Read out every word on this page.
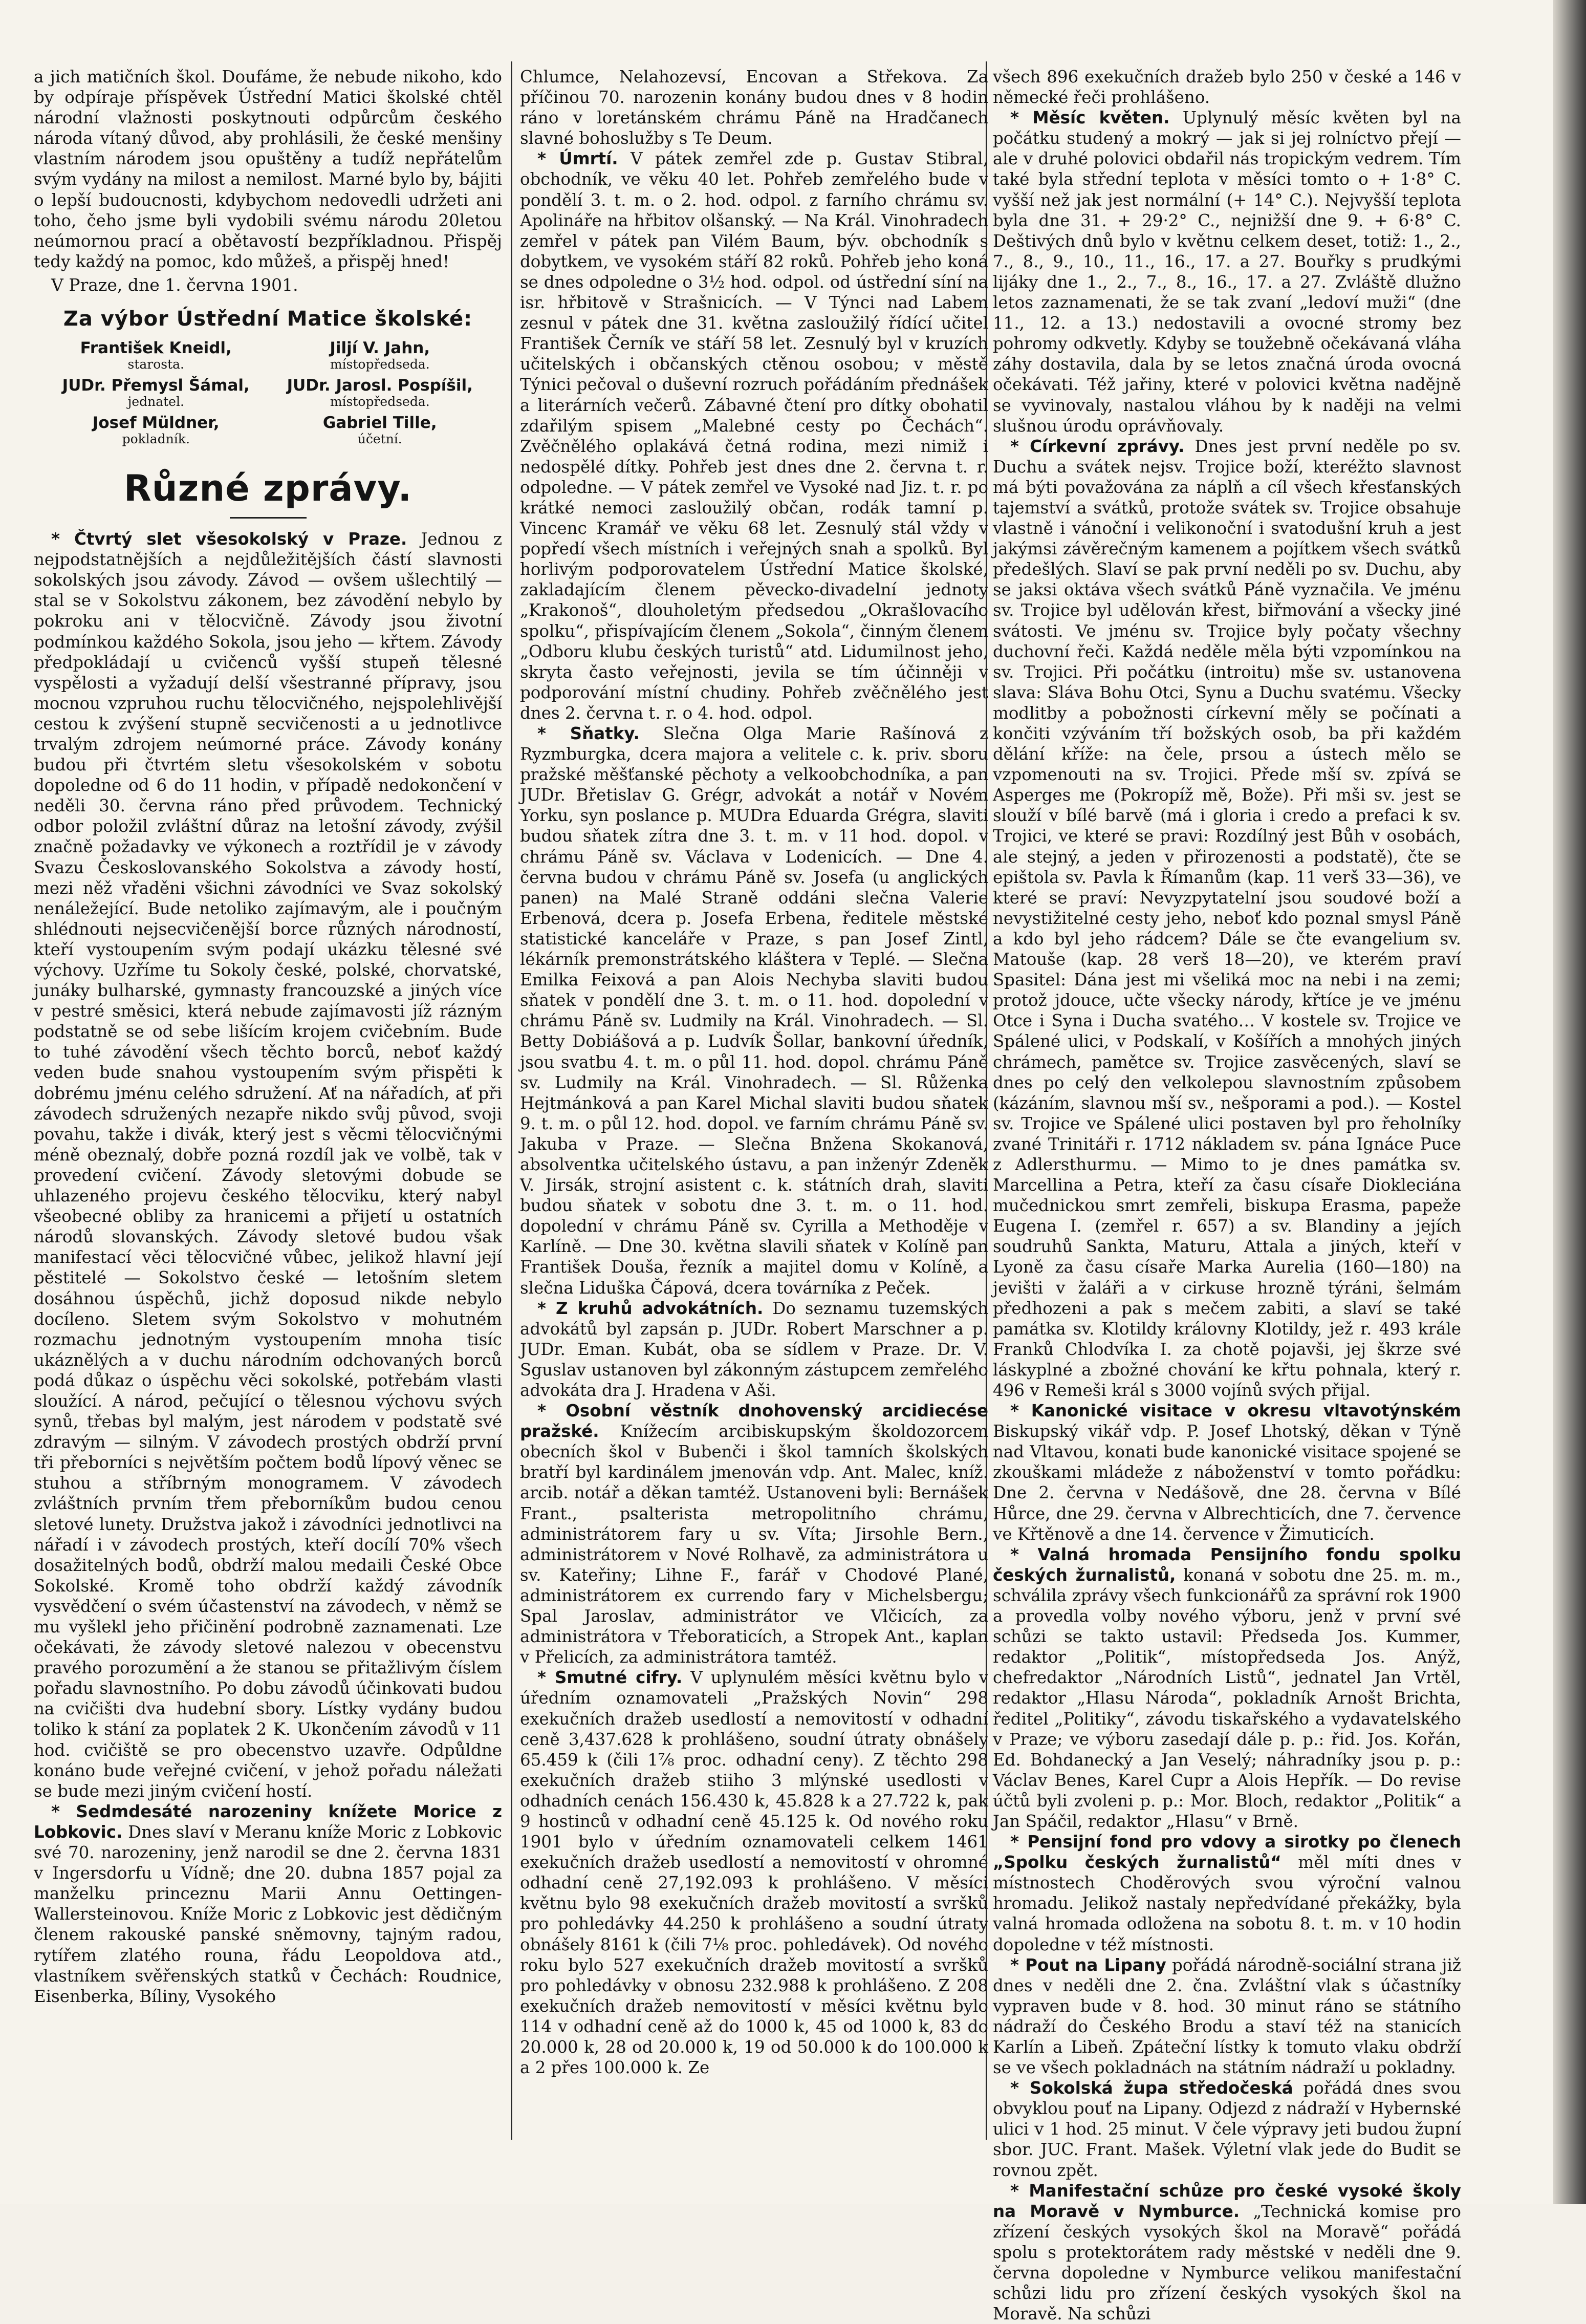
a jich matičních škol. Doufáme, že nebude nikoho, kdo by odpíraje příspěvek Ústřední Matici školské chtěl národní vlažnosti poskytnouti odpůrcům českého národa vítaný důvod, aby prohlásili, že české menšiny vlastním národem jsou opuštěny a tudíž nepřátelům svým vydány na milost a nemilost. Marné bylo by, bájiti o lepší budoucnosti, kdybychom nedovedli udržeti ani toho, čeho jsme byli vydobili svému národu 20letou neúmornou prací a obětavostí bezpříkladnou. Přispěj tedy každý na pomoc, kdo můžeš, a přispěj hned!

V Praze, dne 1. června 1901.

Za výbor Ústřední Matice školské:
František Kneidl,
starosta.
Jiljí V. Jahn,
místopředseda.
JUDr. Přemysl Šámal,
jednatel.
JUDr. Jarosl. Pospíšil,
místopředseda.
Josef Müldner,
pokladník.
Gabriel Tille,
účetní.
Různé zprávy.

* Čtvrtý slet všesokolský v Praze. Jednou z nejpodstatnějších a nejdůležitějších částí slavnosti sokolských jsou závody. Závod — ovšem ušlechtilý — stal se v Sokolstvu zákonem, bez závodění nebylo by pokroku ani v tělocvičně. Závody jsou životní podmínkou každého Sokola, jsou jeho — křtem. Závody předpokládají u cvičenců vyšší stupeň tělesné vyspělosti a vyžadují delší všestranné přípravy, jsou mocnou vzpruhou ruchu tělocvičného, nejspolehlivější cestou k zvýšení stupně secvičenosti a u jednotlivce trvalým zdrojem neúmorné práce. Závody konány budou při čtvrtém sletu všesokolském v sobotu dopoledne od 6 do 11 hodin, v případě nedokončení v neděli 30. června ráno před průvodem. Technický odbor položil zvláštní důraz na letošní závody, zvýšil značně požadavky ve výkonech a roztřídil je v závody Svazu Českoslovanského Sokolstva a závody hostí, mezi něž vřaděni všichni závodníci ve Svaz sokolský nenáležející. Bude netoliko zajímavým, ale i poučným shlédnouti nejsecvičenější borce různých národností, kteří vystoupením svým podají ukázku tělesné své výchovy. Uzříme tu Sokoly české, polské, chorvatské, junáky bulharské, gymnasty francouzské a jiných více v pestré směsici, která nebude zajímavosti jíž rázným podstatně se od sebe lišícím krojem cvičebním. Bude to tuhé závodění všech těchto borců, neboť každý veden bude snahou vystoupením svým přispěti k dobrému jménu celého sdružení. Ať na nářadích, ať při závodech sdružených nezapře nikdo svůj původ, svoji povahu, takže i divák, který jest s věcmi tělocvičnými méně obeznalý, dobře pozná rozdíl jak ve volbě, tak v provedení cvičení. Závody sletovými dobude se uhlazeného projevu českého tělocviku, který nabyl všeobecné obliby za hranicemi a přijetí u ostatních národů slovanských. Závody sletové budou však manifestací věci tělocvičné vůbec, jelikož hlavní její pěstitelé — Sokolstvo české — letošním sletem dosáhnou úspěchů, jichž doposud nikde nebylo docíleno. Sletem svým Sokolstvo v mohutném rozmachu jednotným vystoupením mnoha tisíc ukáznělých a v duchu národním odchovaných borců podá důkaz o úspěchu věci sokolské, potřebám vlasti sloužící. A národ, pečující o tělesnou výchovu svých synů, třebas byl malým, jest národem v podstatě své zdravým — silným. V závodech prostých obdrží první tři přeborníci s největším počtem bodů lípový věnec se stuhou a stříbrným monogramem. V závodech zvláštních prvním třem přeborníkům budou cenou sletové lunety. Družstva jakož i závodníci jednotlivci na nářadí i v závodech prostých, kteří docílí 70% všech dosažitelných bodů, obdrží malou medaili České Obce Sokolské. Kromě toho obdrží každý závodník vysvědčení o svém účastenství na závodech, v němž se mu vyšlekl jeho přičinění podrobně zaznamenati. Lze očekávati, že závody sletové nalezou v obecenstvu pravého porozumění a že stanou se přitažlivým číslem pořadu slavnostního. Po dobu závodů účinkovati budou na cvičišti dva hudební sbory. Lístky vydány budou toliko k stání za poplatek 2 K. Ukončením závodů v 11 hod. cvičiště se pro obecenstvo uzavře. Odpůldne konáno bude veřejné cvičení, v jehož pořadu náležati se bude mezi jiným cvičení hostí.

* Sedmdesáté narozeniny knížete Morice z Lobkovic. Dnes slaví v Meranu kníže Moric z Lobkovic své 70. narozeniny, jenž narodil se dne 2. června 1831 v Ingersdorfu u Vídně; dne 20. dubna 1857 pojal za manželku princeznu Marii Annu Oettingen-Wallersteinovou. Kníže Moric z Lobkovic jest dědičným členem rakouské panské sněmovny, tajným radou, rytířem zlatého rouna, řádu Leopoldova atd., vlastníkem svěřenských statků v Čechách: Roudnice, Eisenberka, Bíliny, Vysokého

Chlumce, Nelahozevsí, Encovan a Střekova. Za příčinou 70. narozenin konány budou dnes v 8 hodin ráno v loretánském chrámu Páně na Hradčanech slavné bohoslužby s Te Deum.

* Úmrtí. V pátek zemřel zde p. Gustav Stibral, obchodník, ve věku 40 let. Pohřeb zemřelého bude v pondělí 3. t. m. o 2. hod. odpol. z farního chrámu sv. Apolináře na hřbitov olšanský. — Na Král. Vinohradech zemřel v pátek pan Vilém Baum, býv. obchodník s dobytkem, ve vysokém stáří 82 roků. Pohřeb jeho koná se dnes odpoledne o 3½ hod. odpol. od ústřední síní na isr. hřbitově v Strašnicích. — V Týnci nad Labem zesnul v pátek dne 31. května zasloužilý řídící učitel František Černík ve stáří 58 let. Zesnulý byl v kruzích učitelských i občanských ctěnou osobou; v městě Týnici pečoval o duševní rozruch pořádáním přednášek a literárních večerů. Zábavné čtení pro dítky obohatil zdařilým spisem „Malebné cesty po Čechách“. Zvěčnělého oplakává četná rodina, mezi nimiž i nedospělé dítky. Pohřeb jest dnes dne 2. června t. r. odpoledne. — V pátek zemřel ve Vysoké nad Jiz. t. r. po krátké nemoci zasloužilý občan, rodák tamní p. Vincenc Kramář ve věku 68 let. Zesnulý stál vždy v popředí všech místních i veřejných snah a spolků. Byl horlivým podporovatelem Ústřední Matice školské, zakladajícím členem pěvecko-divadelní jednoty „Krakonoš“, dlouholetým předsedou „Okrašlovacího spolku“, přispívajícím členem „Sokola“, činným členem „Odboru klubu českých turistů“ atd. Lidumilnost jeho, skryta často veřejnosti, jevila se tím účinněji v podporování místní chudiny. Pohřeb zvěčnělého jest dnes 2. června t. r. o 4. hod. odpol.

* Sňatky. Slečna Olga Marie Rašínová z Ryzmburgka, dcera majora a velitele c. k. priv. sboru pražské měšťanské pěchoty a velkoobchodníka, a pan JUDr. Břetislav G. Grégr, advokát a notář v Novém Yorku, syn poslance p. MUDra Eduarda Grégra, slaviti budou sňatek zítra dne 3. t. m. v 11 hod. dopol. v chrámu Páně sv. Václava v Lodenicích. — Dne 4. června budou v chrámu Páně sv. Josefa (u anglických panen) na Malé Straně oddáni slečna Valerie Erbenová, dcera p. Josefa Erbena, ředitele městské statistické kanceláře v Praze, s pan Josef Zintl, lékárník premonstrátského kláštera v Teplé. — Slečna Emilka Feixová a pan Alois Nechyba slaviti budou sňatek v pondělí dne 3. t. m. o 11. hod. dopolední v chrámu Páně sv. Ludmily na Král. Vinohradech. — Sl. Betty Dobiášová a p. Ludvík Šollar, bankovní úředník, jsou svatbu 4. t. m. o půl 11. hod. dopol. chrámu Páně sv. Ludmily na Král. Vinohradech. — Sl. Růženka Hejtmánková a pan Karel Michal slaviti budou sňatek 9. t. m. o půl 12. hod. dopol. ve farním chrámu Páně sv. Jakuba v Praze. — Slečna Bnžena Skokanová, absolventka učitelského ústavu, a pan inženýr Zdeněk V. Jirsák, strojní asistent c. k. státních drah, slaviti budou sňatek v sobotu dne 3. t. m. o 11. hod. dopolední v chrámu Páně sv. Cyrilla a Methoděje v Karlíně. — Dne 30. května slavili sňatek v Kolíně pan František Douša, řezník a majitel domu v Kolíně, a slečna Liduška Čápová, dcera továrníka z Peček.

* Z kruhů advokátních. Do seznamu tuzemských advokátů byl zapsán p. JUDr. Robert Marschner a p. JUDr. Eman. Kubát, oba se sídlem v Praze. Dr. V. Sguslav ustanoven byl zákonným zástupcem zemřelého advokáta dra J. Hradena v Aši.

* Osobní věstník dnohovenský arcidiecése pražské. Knížecím arcibiskupským školdozorcem obecních škol v Bubenči i škol tamních školských bratří byl kardinálem jmenován vdp. Ant. Malec, kníž. arcib. notář a děkan tamtéž. Ustanoveni byli: Bernášek Frant., psalterista metropolitního chrámu, administrátorem fary u sv. Víta; Jirsohle Bern., administrátorem v Nové Rolhavě, za administrátora u sv. Kateřiny; Lihne F., farář v Chodové Plané, administrátorem ex currendo fary v Michelsbergu; Spal Jaroslav, administrátor ve Vlčicích, za administrátora v Třeboraticích, a Stropek Ant., kaplan v Přelicích, za administrátora tamtéž.

* Smutné cifry. V uplynulém měsíci květnu bylo v úředním oznamovateli „Pražských Novin“ 298 exekučních dražeb usedlostí a nemovitostí v odhadní ceně 3,437.628 k prohlášeno, soudní útraty obnášely 65.459 k (čili 1⅞ proc. odhadní ceny). Z těchto 298 exekučních dražeb stiiho 3 mlýnské usedlosti v odhadních cenách 156.430 k, 45.828 k a 27.722 k, pak 9 hostinců v odhadní ceně 45.125 k. Od nového roku 1901 bylo v úředním oznamovateli celkem 1461 exekučních dražeb usedlostí a nemovitostí v ohromné odhadní ceně 27,192.093 k prohlášeno. V měsíci květnu bylo 98 exekučních dražeb movitostí a svršků pro pohledávky 44.250 k prohlášeno a soudní útraty obnášely 8161 k (čili 7⅛ proc. pohledávek). Od nového roku bylo 527 exekučních dražeb movitostí a svršků pro pohledávky v obnosu 232.988 k prohlášeno. Z 208 exekučních dražeb nemovitostí v měsíci květnu bylo 114 v odhadní ceně až do 1000 k, 45 od 1000 k, 83 do 20.000 k, 28 od 20.000 k, 19 od 50.000 k do 100.000 k a 2 přes 100.000 k. Ze

všech 896 exekučních dražeb bylo 250 v české a 146 v německé řeči prohlášeno.

* Měsíc květen. Uplynulý měsíc květen byl na počátku studený a mokrý — jak si jej rolníctvo přejí — ale v druhé polovici obdařil nás tropickým vedrem. Tím také byla střední teplota v měsíci tomto o + 1·8° C. vyšší než jak jest normální (+ 14° C.). Nejvyšší teplota byla dne 31. + 29·2° C., nejnižší dne 9. + 6·8° C. Deštivých dnů bylo v květnu celkem deset, totiž: 1., 2., 7., 8., 9., 10., 11., 16., 17. a 27. Bouřky s prudkými lijáky dne 1., 2., 7., 8., 16., 17. a 27. Zvláště dlužno letos zaznamenati, že se tak zvaní „ledoví muži“ (dne 11., 12. a 13.) nedostavili a ovocné stromy bez pohromy odkvetly. Kdyby se toužebně očekávaná vláha záhy dostavila, dala by se letos značná úroda ovocná očekávati. Též jařiny, které v polovici května nadějně se vyvinovaly, nastalou vláhou by k naději na velmi slušnou úrodu oprávňovaly.

* Církevní zprávy. Dnes jest první neděle po sv. Duchu a svátek nejsv. Trojice boží, kteréžto slavnost má býti považována za náplň a cíl všech křesťanských tajemství a svátků, protože svátek sv. Trojice obsahuje vlastně i vánoční i velikonoční i svatodušní kruh a jest jakýmsi závěrečným kamenem a pojítkem všech svátků předešlých. Slaví se pak první neděli po sv. Duchu, aby se jaksi oktáva všech svátků Páně vyznačila. Ve jménu sv. Trojice byl udělován křest, biřmování a všecky jiné svátosti. Ve jménu sv. Trojice byly počaty všechny duchovní řeči. Každá neděle měla býti vzpomínkou na sv. Trojici. Při počátku (introitu) mše sv. ustanovena slava: Sláva Bohu Otci, Synu a Duchu svatému. Všecky modlitby a pobožnosti církevní měly se počínati a končiti vzýváním tří božských osob, ba při každém dělání kříže: na čele, prsou a ústech mělo se vzpomenouti na sv. Trojici. Přede mší sv. zpívá se Asperges me (Pokropíž mě, Bože). Při mši sv. jest se slouží v bílé barvě (má i gloria i credo a prefaci k sv. Trojici, ve které se pravi: Rozdílný jest Bůh v osobách, ale stejný, a jeden v přirozenosti a podstatě), čte se epištola sv. Pavla k Římanům (kap. 11 verš 33—36), ve které se praví: Nevyzpytatelní jsou soudové boží a nevystižitelné cesty jeho, neboť kdo poznal smysl Páně a kdo byl jeho rádcem? Dále se čte evangelium sv. Matouše (kap. 28 verš 18—20), ve kterém praví Spasitel: Dána jest mi všeliká moc na nebi i na zemi; protož jdouce, učte všecky národy, křtíce je ve jménu Otce i Syna i Ducha svatého… V kostele sv. Trojice ve Spálené ulici, v Podskalí, v Košířích a mnohých jiných chrámech, pamětce sv. Trojice zasvěcených, slaví se dnes po celý den velkolepou slavnostním způsobem (kázáním, slavnou mší sv., nešporami a pod.). — Kostel sv. Trojice ve Spálené ulici postaven byl pro řeholníky zvané Trinitáři r. 1712 nákladem sv. pána Ignáce Puce z Adlersthurmu. — Mimo to je dnes památka sv. Marcellina a Petra, kteří za času císaře Diokleciána mučednickou smrt zemřeli, biskupa Erasma, papeže Eugena I. (zemřel r. 657) a sv. Blandiny a jejích soudruhů Sankta, Maturu, Attala a jiných, kteří v Lyoně za času císaře Marka Aurelia (160—180) na jevišti v žaláři a v cirkuse hrozně týráni, šelmám předhozeni a pak s mečem zabiti, a slaví se také památka sv. Klotildy královny Klotildy, jež r. 493 krále Franků Chlodvíka I. za chotě pojavši, jej škrze své láskyplné a zbožné chování ke křtu pohnala, který r. 496 v Remeši král s 3000 vojínů svých přijal.

* Kanonické visitace v okresu vltavotýnském Biskupský vikář vdp. P. Josef Lhotský, děkan v Týně nad Vltavou, konati bude kanonické visitace spojené se zkouškami mládeže z náboženství v tomto pořádku: Dne 2. června v Nedášově, dne 28. června v Bílé Hůrce, dne 29. června v Albrechticích, dne 7. července ve Křtěnově a dne 14. července v Žimuticích.

* Valná hromada Pensijního fondu spolku českých žurnalistů, konaná v sobotu dne 25. m. m., schválila zprávy všech funkcionářů za správní rok 1900 a provedla volby nového výboru, jenž v první své schůzi se takto ustavil: Předseda Jos. Kummer, redaktor „Politik“, místopředseda Jos. Anýž, chefredaktor „Národních Listů“, jednatel Jan Vrtěl, redaktor „Hlasu Národa“, pokladník Arnošt Brichta, ředitel „Politiky“, závodu tiskařského a vydavatelského v Praze; ve výboru zasedají dále p. p.: řid. Jos. Kořán, Ed. Bohdanecký a Jan Veselý; náhradníky jsou p. p.: Václav Benes, Karel Cupr a Alois Hepřík. — Do revise účtů byli zvoleni p. p.: Mor. Bloch, redaktor „Politik“ a Jan Spáčil, redaktor „Hlasu“ v Brně.

* Pensijní fond pro vdovy a sirotky po členech „Spolku českých žurnalistů“ měl míti dnes v místnostech Choděrových svou výroční valnou hromadu. Jelikož nastaly nepředvídané překážky, byla valná hromada odložena na sobotu 8. t. m. v 10 hodin dopoledne v též místnosti.

* Pout na Lipany pořádá národně-sociální strana již dnes v neděli dne 2. čna. Zvláštní vlak s účastníky vypraven bude v 8. hod. 30 minut ráno se státního nádraží do Českého Brodu a staví též na stanicích Karlín a Libeň. Zpáteční lístky k tomuto vlaku obdrží se ve všech pokladnách na státním nádraží u pokladny.

* Sokolská župa středočeská pořádá dnes svou obvyklou pouť na Lipany. Odjezd z nádraží v Hybernské ulici v 1 hod. 25 minut. V čele výpravy jeti budou župní sbor. JUC. Frant. Mašek. Výletní vlak jede do Budit se rovnou zpět.

* Manifestační schůze pro české vysoké školy na Moravě v Nymburce. „Technická komise pro zřízení českých vysokých škol na Moravě“ pořádá spolu s protektorátem rady městské v neděli dne 9. června dopoledne v Nymburce velikou manifestační schůzi lidu pro zřízení českých vysokých škol na Moravě. Na schůzi
